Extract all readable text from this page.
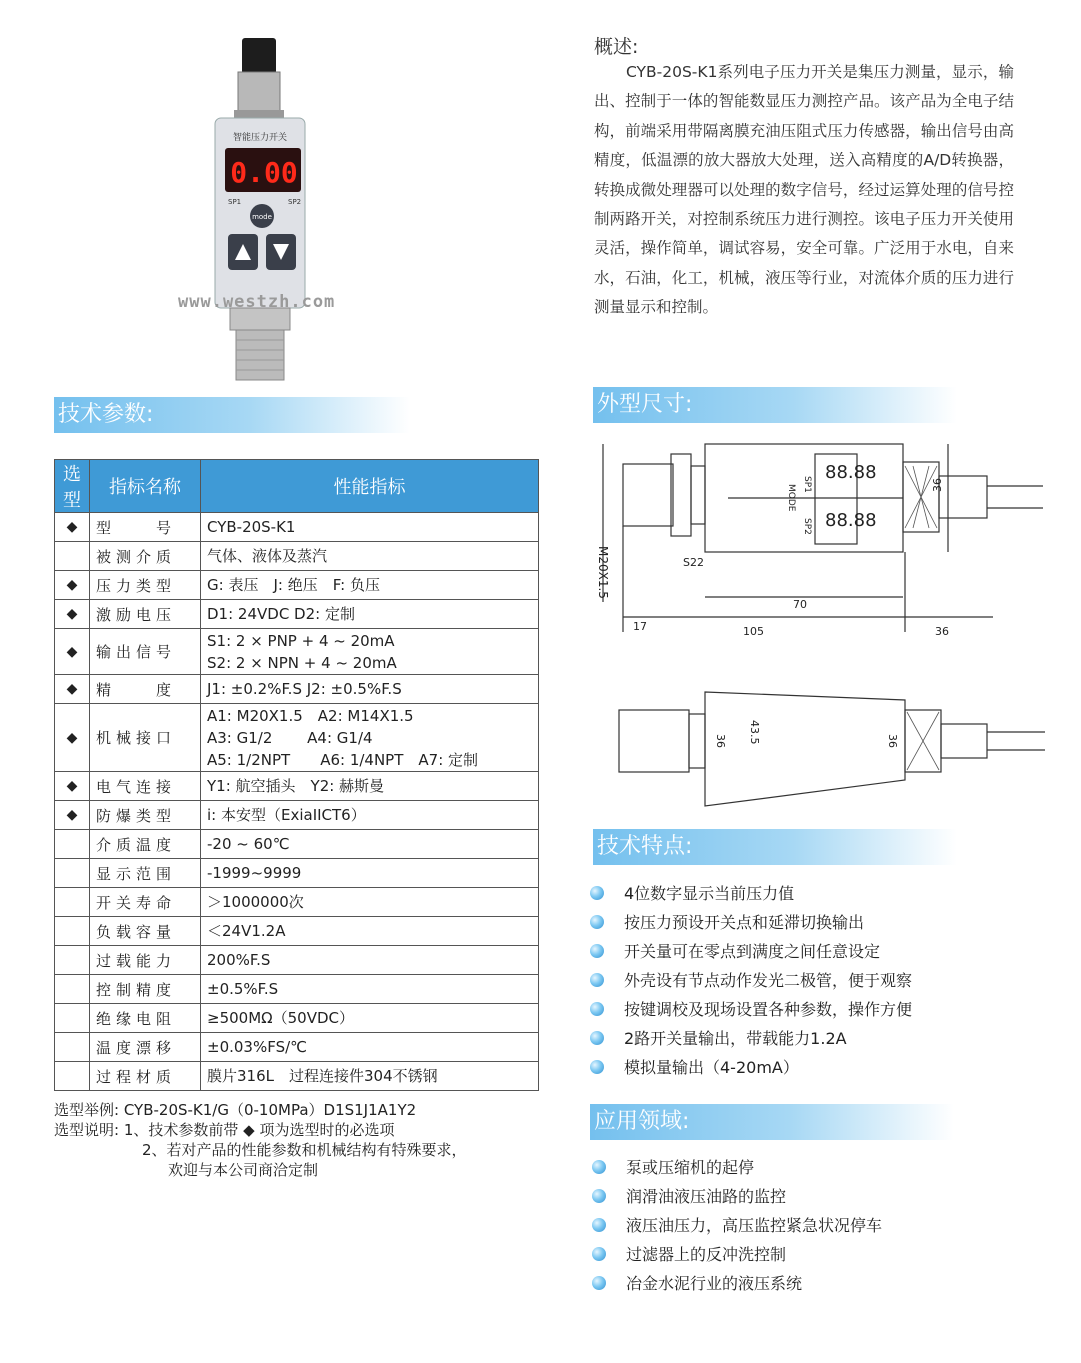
智能压力开关
0.00
SP1	SP2
mode
www.westzh.com
概述:
CYB-20S-K1系列电子压力开关是集压力测量，显示，输出、控制于一体的智能数显压力测控产品。该产品为全电子结构，前端采用带隔离膜充油压阻式压力传感器，输出信号由高精度，低温漂的放大器放大处理，送入高精度的A/D转换器，转换成微处理器可以处理的数字信号，经过运算处理的信号控制两路开关，对控制系统压力进行测控。该电子压力开关使用灵活，操作简单，调试容易，安全可靠。广泛用于水电，自来水，石油，化工，机械，液压等行业，对流体介质的压力进行测量显示和控制。
技术参数:	外型尺寸:
技术特点:
应用领域:
选型	指标名称	性能指标
◆	型　　号	CYB-20S-K1
	被测介质	气体、液体及蒸汽
◆	压力类型	G: 表压　J: 绝压　F: 负压
◆	激励电压	D1: 24VDC D2: 定制
◆	输出信号	S1: 2 × PNP + 4 ~ 20mA
S2: 2 × NPN + 4 ~ 20mA
◆	精　　度	J1: ±0.2%F.S J2: ±0.5%F.S
◆	机械接口	A1: M20X1.5　A2: M14X1.5
A3: G1/2　　 A4: G1/4
A5: 1/2NPT　　A6: 1/4NPT　A7: 定制
◆	电气连接	Y1: 航空插头　Y2: 赫斯曼
◆	防爆类型	i: 本安型（ExiaIICT6）
	介质温度	-20 ~ 60℃
	显示范围	-1999~9999
	开关寿命	＞1000000次
	负载容量	＜24V1.2A
	过载能力	200%F.S
	控制精度	±0.5%F.S
	绝缘电阻	≥500MΩ（50VDC）
	温度漂移	±0.03%FS/℃
	过程材质	膜片316L　过程连接件304不锈钢
选型举例: CYB-20S-K1/G（0-10MPa）D1S1J1A1Y2
选型说明: 1、技术参数前带 ◆ 项为选型时的必选项
2、若对产品的性能参数和机械结构有特殊要求，
欢迎与本公司商洽定制
M20X1.5	S22
70
17	105	36
36
88.88
88.88
SP1
SP2
MODE
36 43.5	36
4位数字显示当前压力值
按压力预设开关点和延滞切换输出
开关量可在零点到满度之间任意设定
外壳设有节点动作发光二极管，便于观察
按键调校及现场设置各种参数，操作方便
2路开关量输出，带载能力1.2A
模拟量输出（4-20mA）
泵或压缩机的起停
润滑油液压油路的监控
液压油压力，高压监控紧急状况停车
过滤器上的反冲洗控制
冶金水泥行业的液压系统
